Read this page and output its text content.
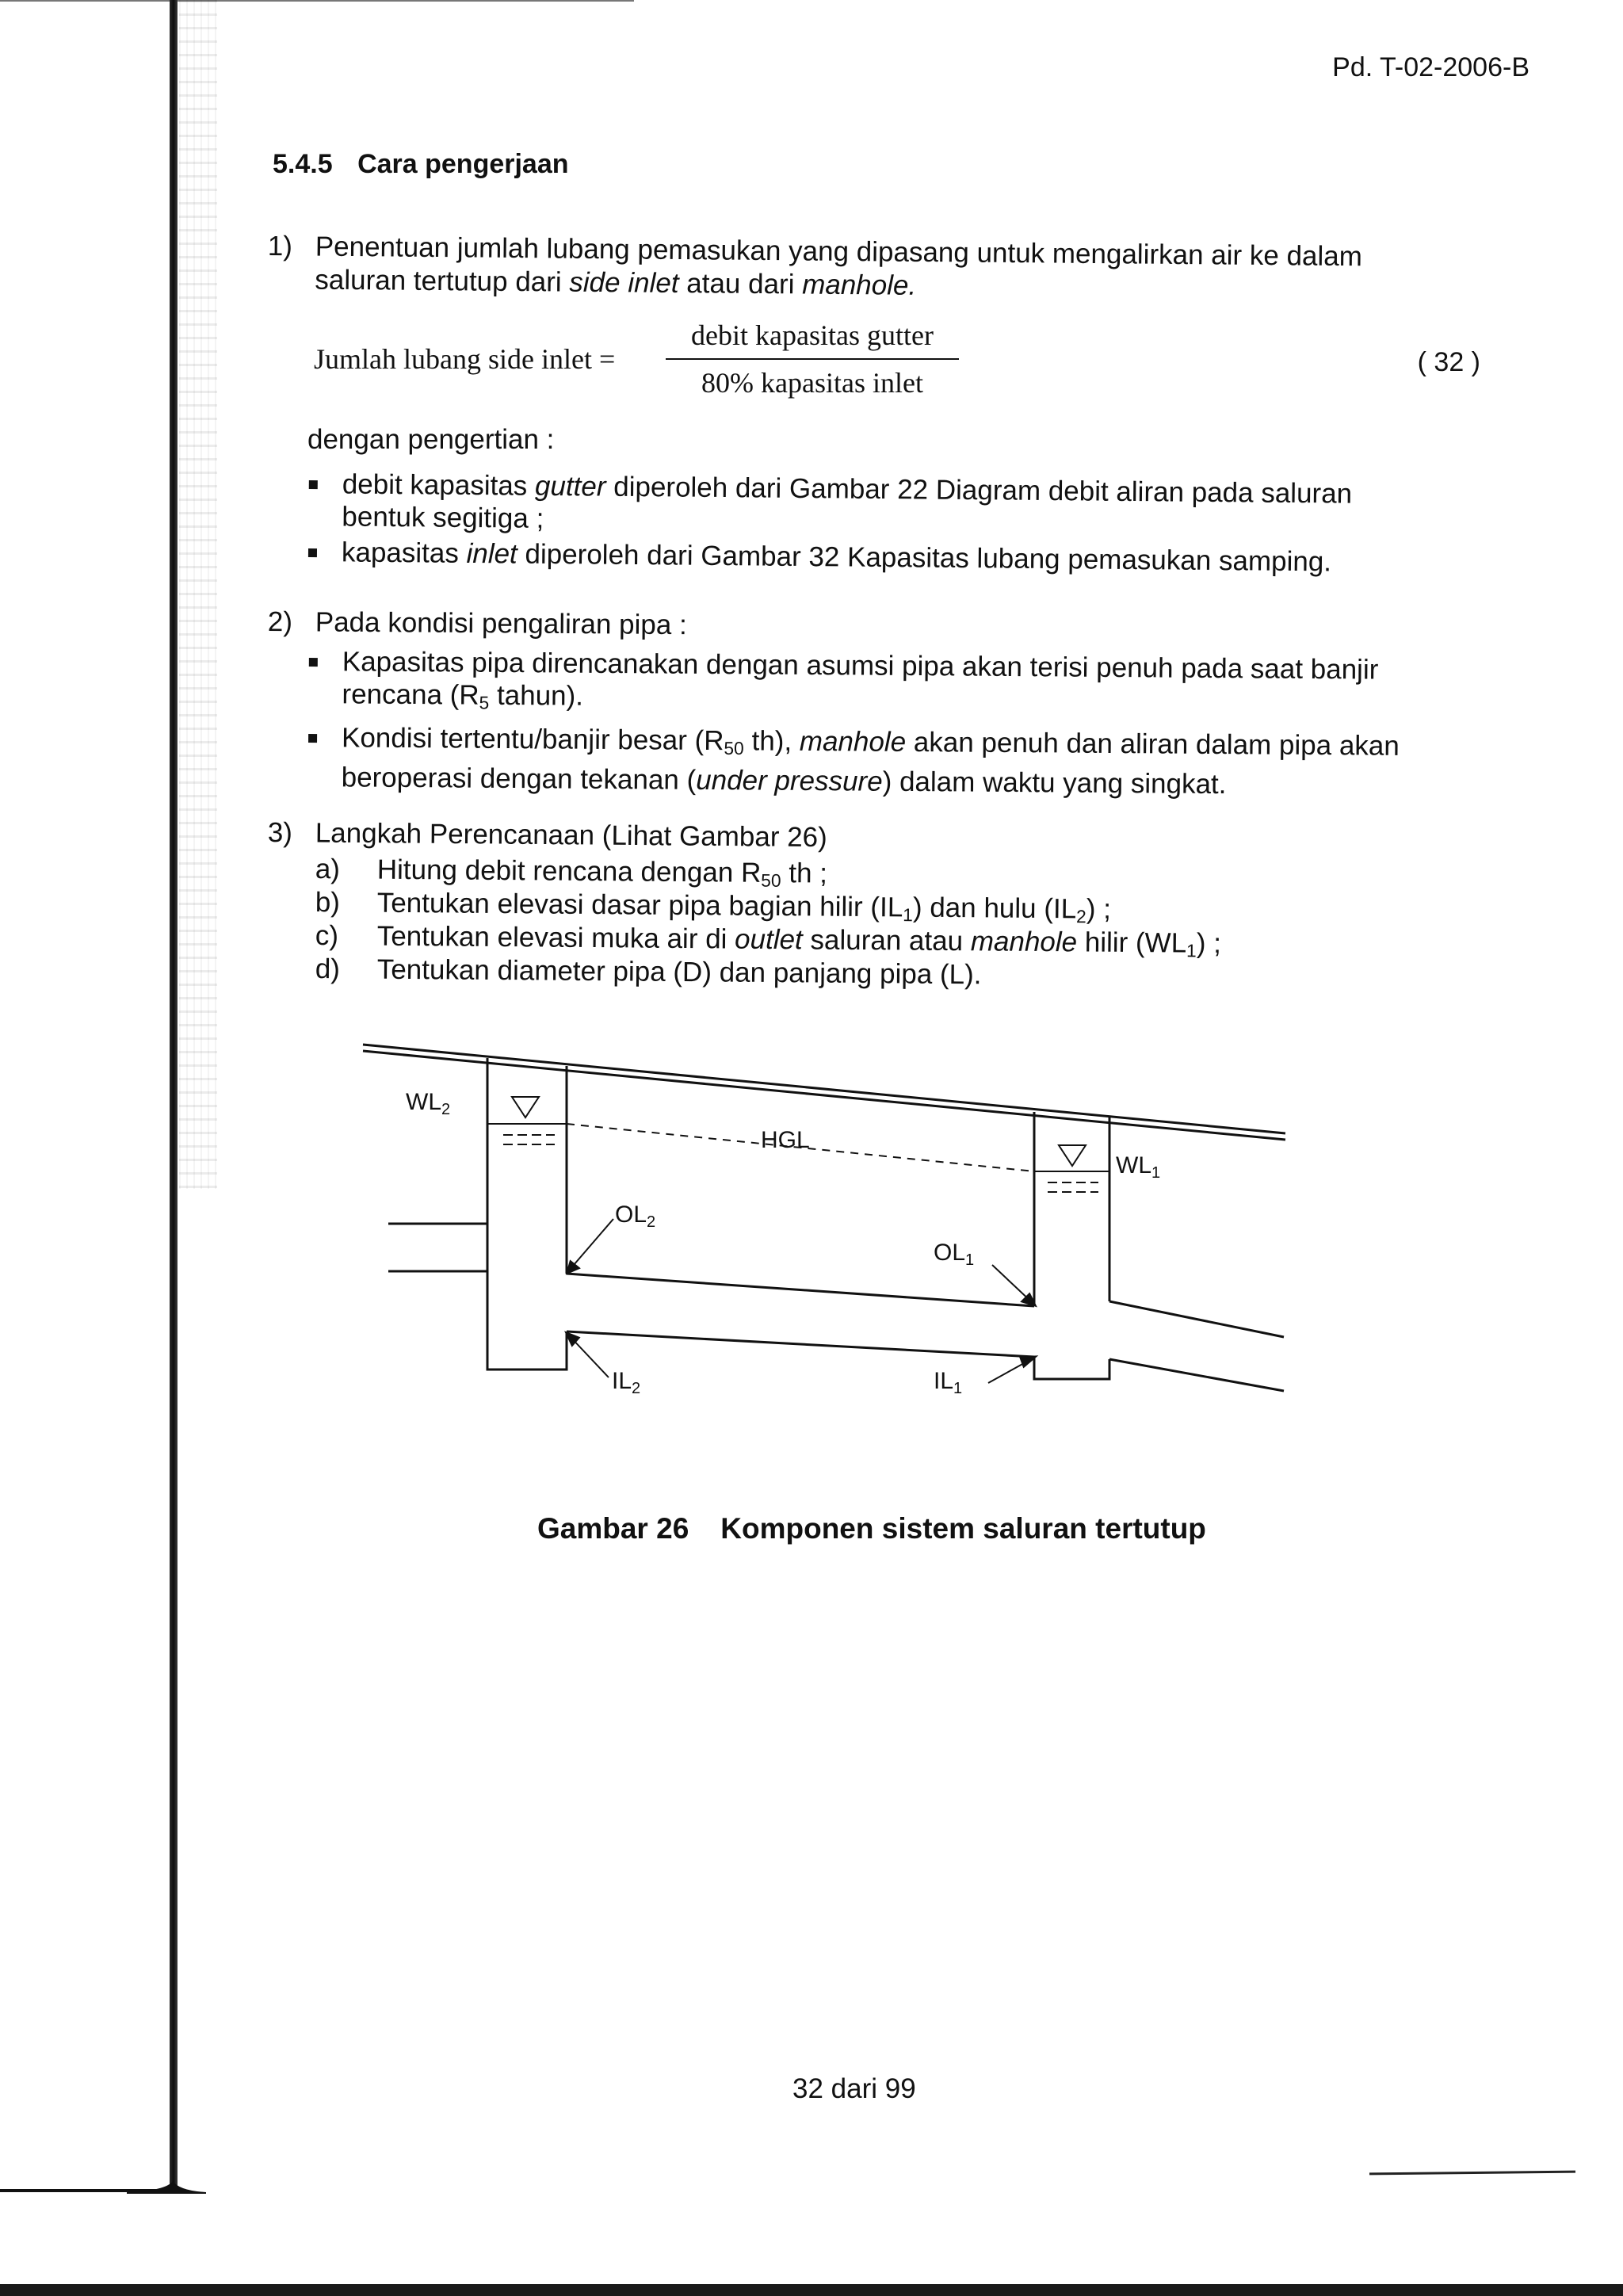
Pd. T-02-2006-B
5.4.5 Cara pengerjaan
1) Penentuan jumlah lubang pemasukan yang dipasang untuk mengalirkan air ke dalam
saluran tertutup dari side inlet atau dari manhole.
Jumlah lubang side inlet =
debit kapasitas gutter
80% kapasitas inlet
( 32 )
dengan pengertian :
debit kapasitas gutter diperoleh dari Gambar 22 Diagram debit aliran pada saluran
bentuk segitiga ;
kapasitas inlet diperoleh dari Gambar 32 Kapasitas lubang pemasukan samping.
2) Pada kondisi pengaliran pipa :
Kapasitas pipa direncanakan dengan asumsi pipa akan terisi penuh pada saat banjir
rencana ($R_5$ tahun).
Kondisi tertentu/banjir besar ($R_{50}$ th), manhole akan penuh dan aliran dalam pipa akan
beroperasi dengan tekanan (under pressure) dalam waktu yang singkat.
3) Langkah Perencanaan (Lihat Gambar 26)
a) Hitung debit rencana dengan $R_{50}$ th ;
b) Tentukan elevasi dasar pipa bagian hilir $(IL_1)$ dan hulu $(IL_2)$ ;
c) Tentukan elevasi muka air di outlet saluran atau manhole hilir $(WL_1)$ ;
d) Tentukan diameter pipa (D) dan panjang pipa (L).
$WL_2$
$WL_1$
HGL
$OL_2$
$OL_1$
$IL_2$	$IL_1$
Gambar 26 Komponen sistem saluran tertutup
32 dari 99
